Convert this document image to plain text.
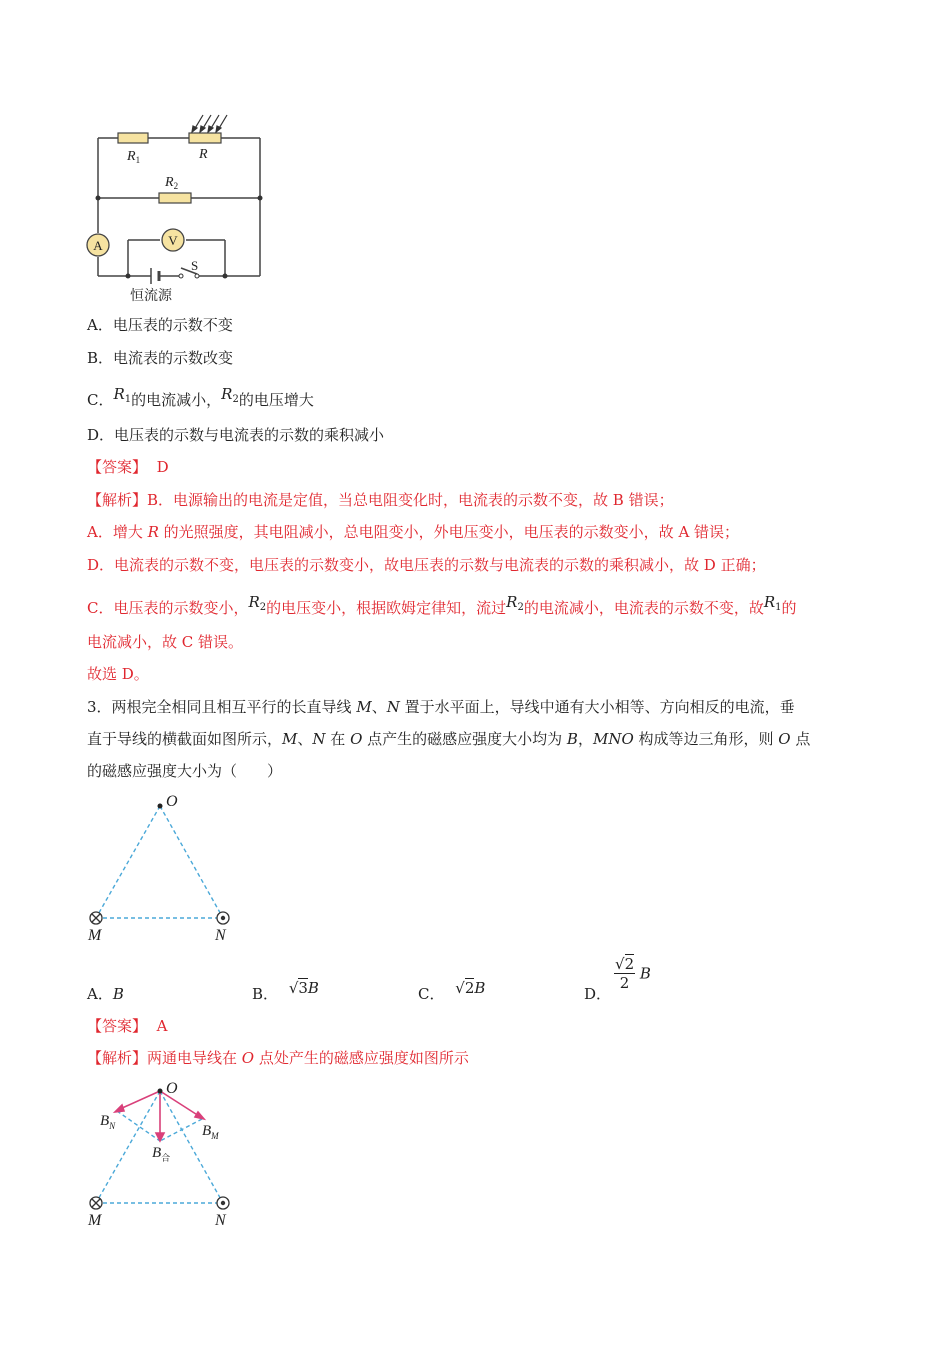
A	V
$R_1$	R
$R_2$
S
恒流源
A．电压表的示数不变
B．电流表的示数改变
C．$R^1$的电流减小，$R^2$的电压增大
D．电压表的示数与电流表的示数的乘积减小
【答案】 D
【解析】B．电源输出的电流是定值，当总电阻变化时，电流表的示数不变，故 B 错误；
A．增大 R 的光照强度，其电阻减小，总电阻变小，外电压变小，电压表的示数变小，故 A 错误；
D．电流表的示数不变，电压表的示数变小，故电压表的示数与电流表的示数的乘积减小，故 D 正确；
C．电压表的示数变小，$R^2$的电压变小，根据欧姆定律知，流过$R^2$的电流减小，电流表的示数不变，故$R^1$的
电流减小，故 C 错误。
故选 D。
3．两根完全相同且相互平行的长直导线 M、N 置于水平面上，导线中通有大小相等、方向相反的电流，垂
直于导线的横截面如图所示，M、N 在 O 点产生的磁感应强度大小均为 B，MNO 构成等边三角形，则 O 点
的磁感应强度大小为（　　）
O
M	N
A．B	B． √3B	C． √2B	D．
$\frac{√2}{2}$ B
【答案】 A
【解析】两通电导线在 O 点处产生的磁感应强度如图所示
O
$B_N$	$B_M$
$B_合$
M	N
